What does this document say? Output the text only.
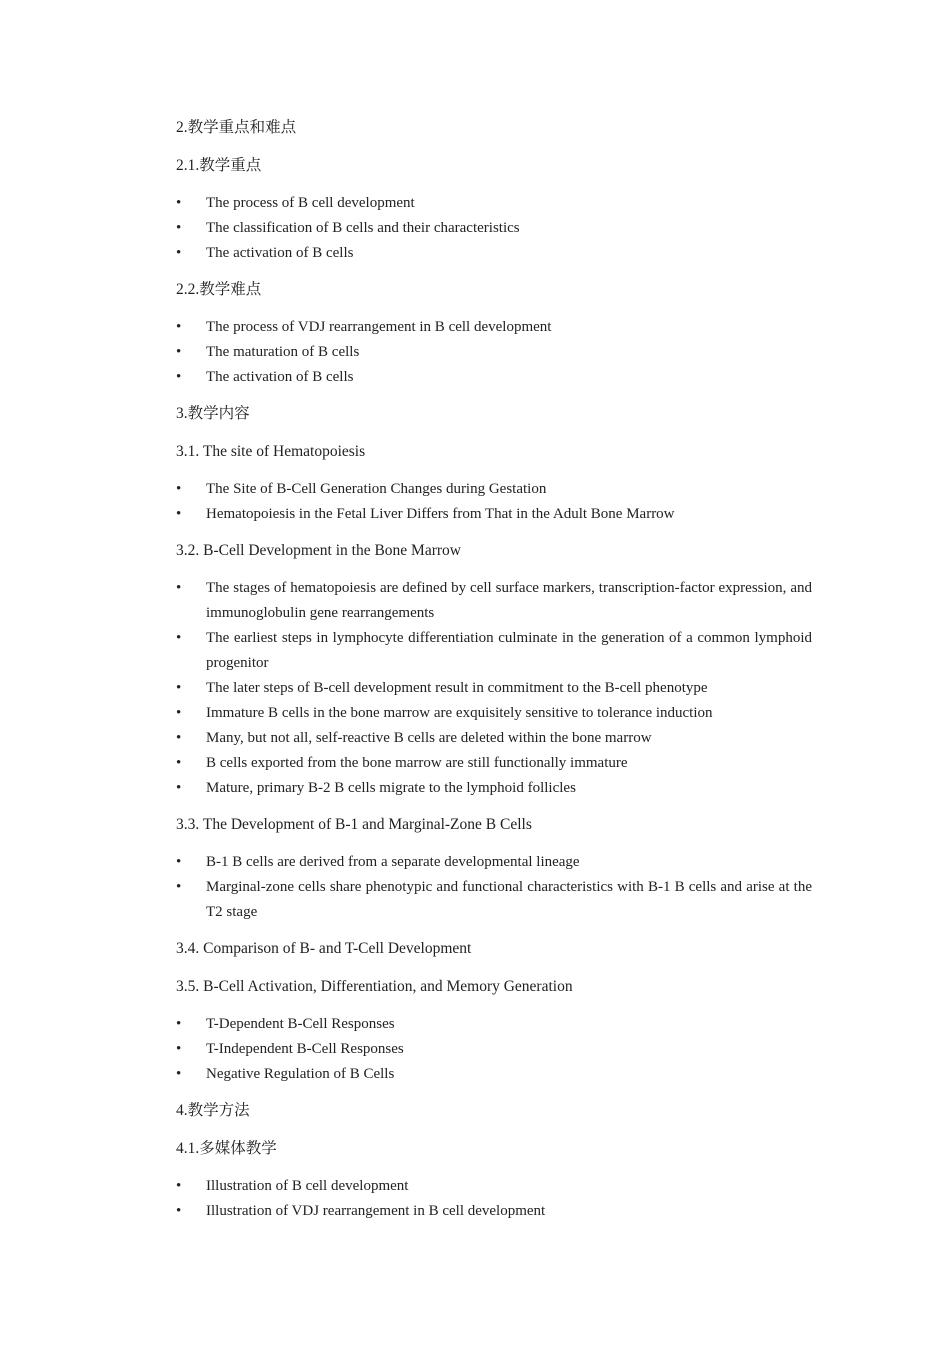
2.教学重点和难点

2.1.教学重点

• The process of B cell development
• The classification of B cells and their characteristics
• The activation of B cells

2.2.教学难点

• The process of VDJ rearrangement in B cell development
• The maturation of B cells
• The activation of B cells

3.教学内容

3.1. The site of Hematopoiesis

• The Site of B-Cell Generation Changes during Gestation
• Hematopoiesis in the Fetal Liver Differs from That in the Adult Bone Marrow

3.2. B-Cell Development in the Bone Marrow

• The stages of hematopoiesis are defined by cell surface markers, transcription-factor expression, and immunoglobulin gene rearrangements
• The earliest steps in lymphocyte differentiation culminate in the generation of a common lymphoid progenitor
• The later steps of B-cell development result in commitment to the B-cell phenotype
• Immature B cells in the bone marrow are exquisitely sensitive to tolerance induction
• Many, but not all, self-reactive B cells are deleted within the bone marrow
• B cells exported from the bone marrow are still functionally immature
• Mature, primary B-2 B cells migrate to the lymphoid follicles

3.3. The Development of B-1 and Marginal-Zone B Cells

• B-1 B cells are derived from a separate developmental lineage
• Marginal-zone cells share phenotypic and functional characteristics with B-1 B cells and arise at the T2 stage

3.4. Comparison of B- and T-Cell Development

3.5. B-Cell Activation, Differentiation, and Memory Generation

• T-Dependent B-Cell Responses
• T-Independent B-Cell Responses
• Negative Regulation of B Cells

4.教学方法

4.1.多媒体教学

• Illustration of B cell development
• Illustration of VDJ rearrangement in B cell development
